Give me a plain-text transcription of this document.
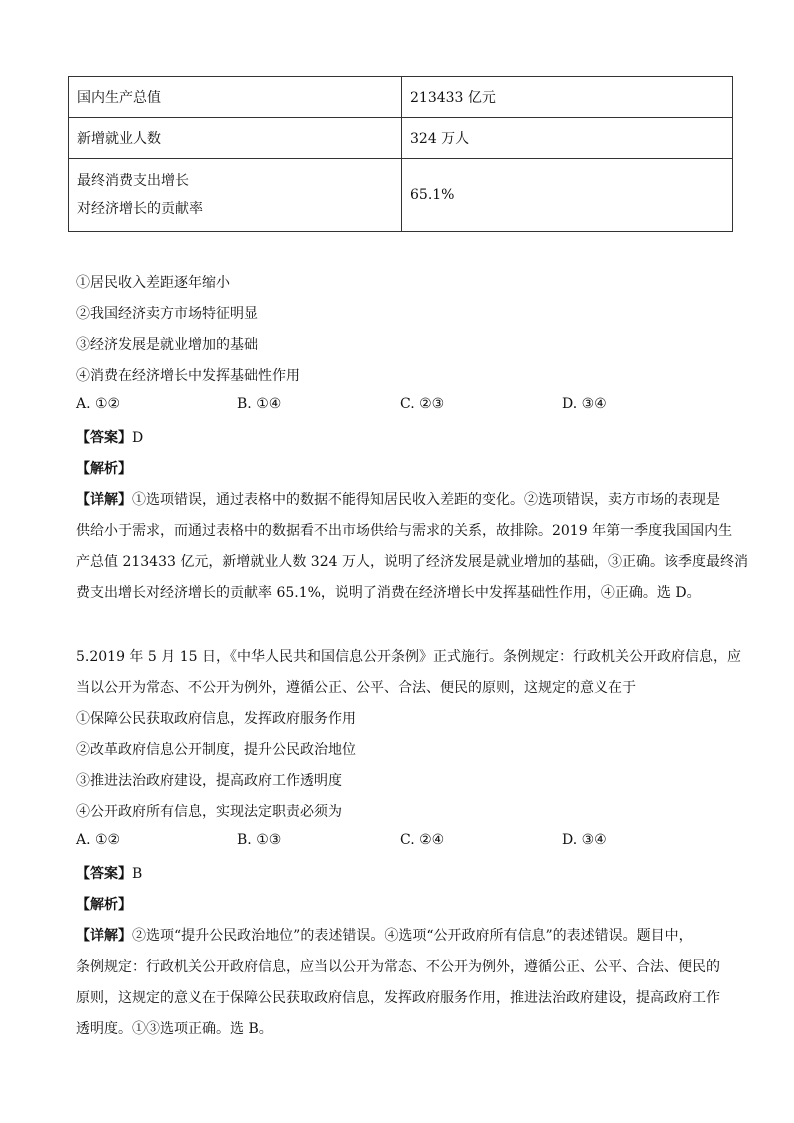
国内生产总值	213433 亿元
新增就业人数	324 万人

最终消费支出增长
对经济增长的贡献率	65.1%
①居民收入差距逐年缩小
②我国经济卖方市场特征明显
③经济发展是就业增加的基础
④消费在经济增长中发挥基础性作用
A. ①②	B. ①④	C. ②③	D. ③④
【答案】D
【解析】
【详解】①选项错误，通过表格中的数据不能得知居民收入差距的变化。②选项错误，卖方市场的表现是
供给小于需求，而通过表格中的数据看不出市场供给与需求的关系，故排除。2019 年第一季度我国国内生
产总值 213433 亿元，新增就业人数 324 万人，说明了经济发展是就业增加的基础，③正确。该季度最终消
费支出增长对经济增长的贡献率 65.1%，说明了消费在经济增长中发挥基础性作用，④正确。选 D。
5.2019 年 5 月 15 日，《中华人民共和国信息公开条例》正式施行。条例规定：行政机关公开政府信息，应
当以公开为常态、不公开为例外，遵循公正、公平、合法、便民的原则，这规定的意义在于
①保障公民获取政府信息，发挥政府服务作用
②改革政府信息公开制度，提升公民政治地位
③推进法治政府建设，提高政府工作透明度
④公开政府所有信息，实现法定职责必须为
A. ①②	B. ①③	C. ②④	D. ③④
【答案】B
【解析】
【详解】②选项“提升公民政治地位”的表述错误。④选项“公开政府所有信息”的表述错误。题目中，
条例规定：行政机关公开政府信息，应当以公开为常态、不公开为例外，遵循公正、公平、合法、便民的
原则，这规定的意义在于保障公民获取政府信息，发挥政府服务作用，推进法治政府建设，提高政府工作
透明度。①③选项正确。选 B。
